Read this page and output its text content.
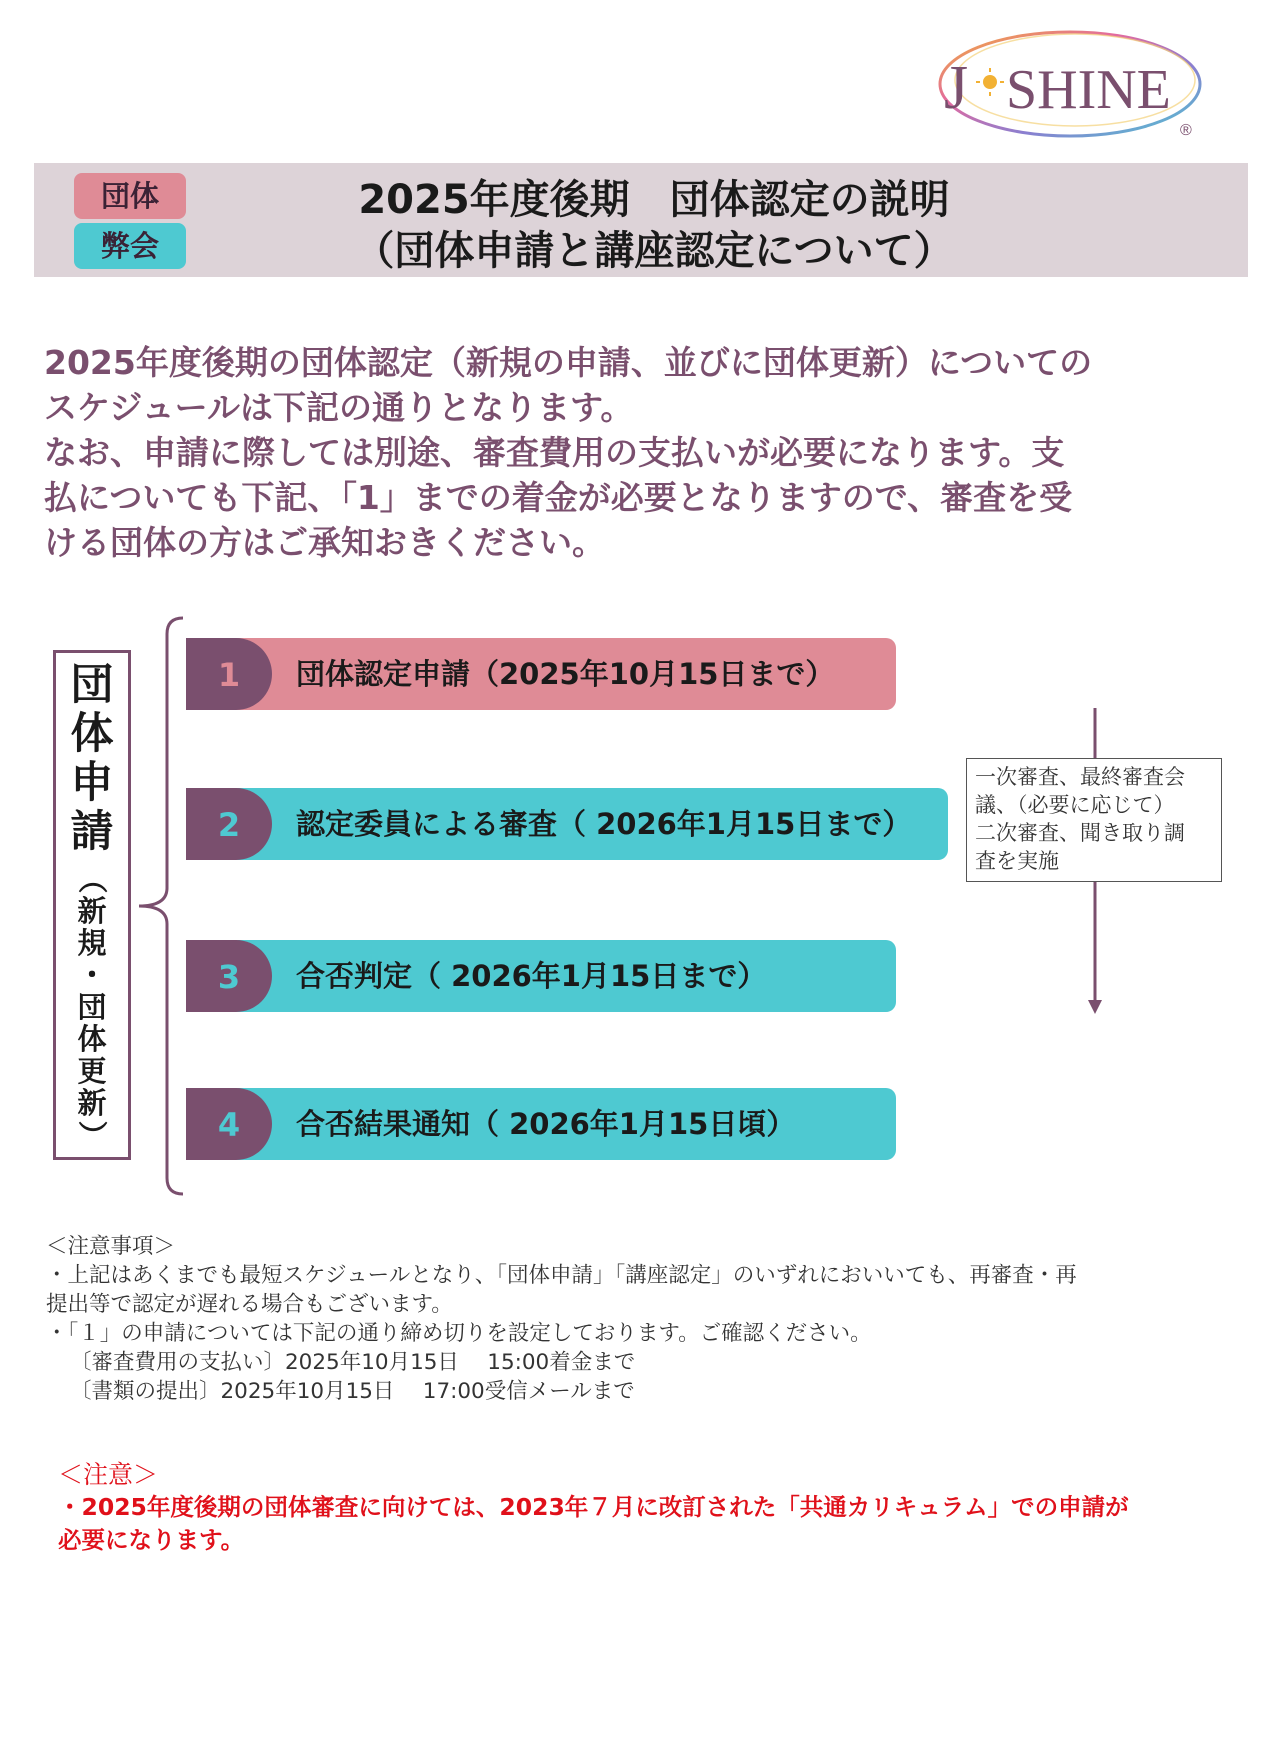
J SHINE
®
団体
弊会
2025年度後期　団体認定の説明
（団体申請と講座認定について）

2025年度後期の団体認定（新規の申請、並びに団体更新）についての

スケジュールは下記の通りとなります。

なお、申請に際しては別途、審査費用の支払いが必要になります。支

払についても下記、「1」までの着金が必要となりますので、審査を受

ける団体の方はご承知おきください。

団
体
申
請
（
新
規
・
団
体
更
新
）
1	団体認定申請（2025年10月15日まで）
2	認定委員による審査（ 2026年1月15日まで）
3	合否判定（ 2026年1月15日まで）
4	合否結果通知（ 2026年1月15日頃）
一次審査、最終審査会
議、（必要に応じて）
二次審査、聞き取り調
査を実施
＜注意事項＞
・上記はあくまでも最短スケジュールとなり、「団体申請」「講座認定」のいずれにおいいても、再審査・再
提出等で認定が遅れる場合もございます。
・「１」の申請については下記の通り締め切りを設定しております。ご確認ください。
〔審査費用の支払い〕2025年10月15日　 15:00着金まで
〔書類の提出〕2025年10月15日　 17:00受信メールまで
＜注意＞
・2025年度後期の団体審査に向けては、2023年７月に改訂された「共通カリキュラム」での申請が
必要になります。
